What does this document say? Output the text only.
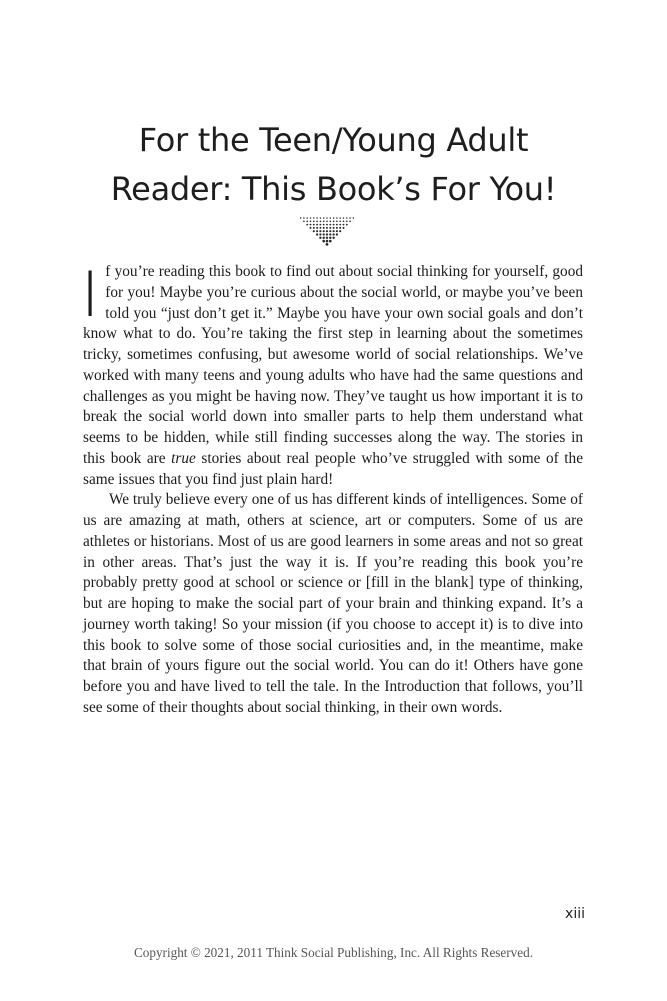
For the Teen/Young Adult
Reader: This Book’s For You!

If you’re reading this book to find out about social thinking for yourself, good for you! Maybe you’re curious about the social world, or maybe you’ve been told you “just don’t get it.” Maybe you have your own social goals and don’t know what to do. You’re taking the first step in learning about the sometimes tricky, sometimes confusing, but awesome world of social relationships. We’ve worked with many teens and young adults who have had the same questions and challenges as you might be having now. They’ve taught us how important it is to break the social world down into smaller parts to help them understand what seems to be hidden, while still finding successes along the way. The stories in this book are true stories about real people who’ve struggled with some of the same issues that you find just plain hard!

We truly believe every one of us has different kinds of intelligences. Some of us are amazing at math, others at science, art or computers. Some of us are athletes or historians. Most of us are good learners in some areas and not so great in other areas. That’s just the way it is. If you’re reading this book you’re probably pretty good at school or science or [fill in the blank] type of thinking, but are hoping to make the social part of your brain and thinking expand. It’s a journey worth taking! So your mission (if you choose to accept it) is to dive into this book to solve some of those social curiosities and, in the meantime, make that brain of yours figure out the social world. You can do it! Others have gone before you and have lived to tell the tale. In the Introduction that follows, you’ll see some of their thoughts about social thinking, in their own words.

xiii
Copyright © 2021, 2011 Think Social Publishing, Inc. All Rights Reserved.
